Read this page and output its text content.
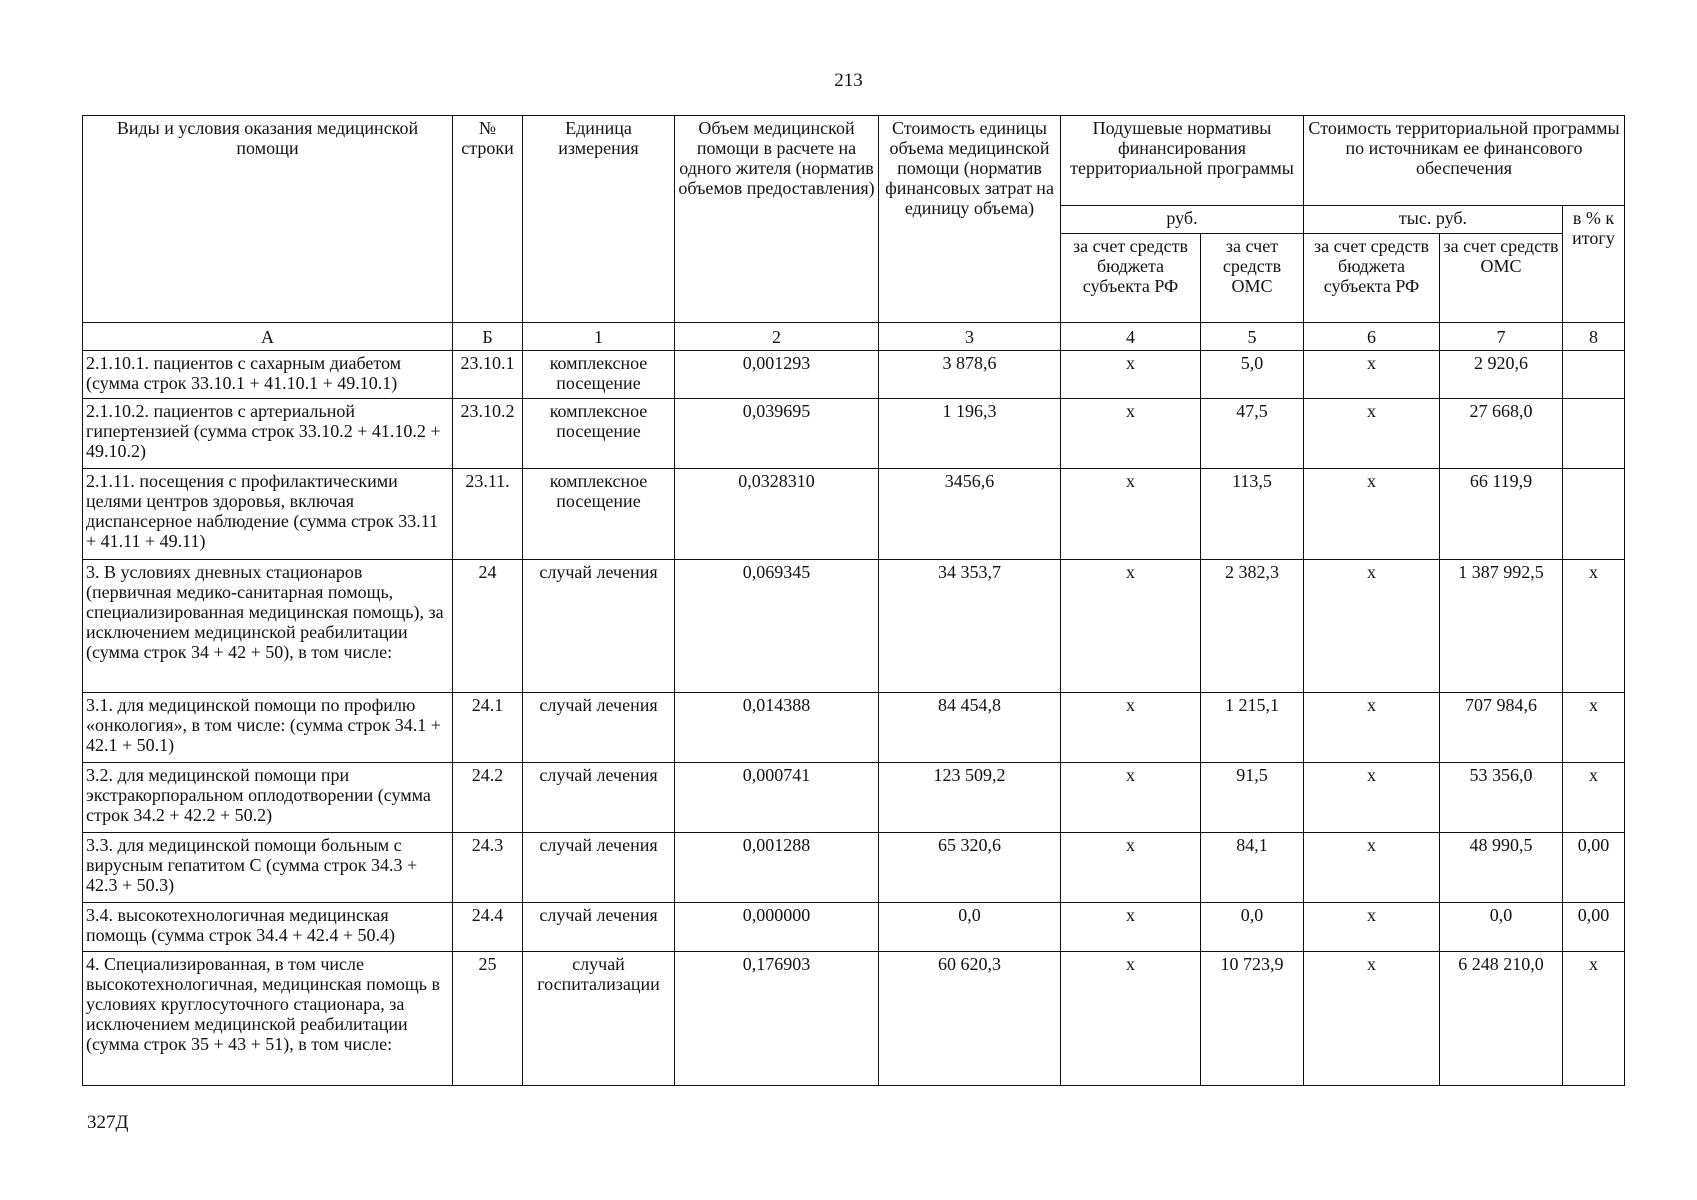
213
Виды и условия оказания медицинской помощи	№ строки	Единица измерения	Объем медицинской помощи в расчете на одного жителя (норматив объемов предоставления)	Стоимость единицы объема медицинской помощи (норматив финансовых затрат на единицу объема)	Подушевые нормативы финансирования территориальной программы		Стоимость территориальной программы по источникам ее финансового обеспечения		
					руб.		тыс. руб.		в % к итогу
					за счет средств бюджета субъекта РФ	за счет средств ОМС	за счет средств бюджета субъекта РФ	за счет средств ОМС	
А	Б	1	2	3	4	5	6	7	8
2.1.10.1. пациентов с сахарным диабетом (сумма строк 33.10.1 + 41.10.1 + 49.10.1)	23.10.1	комплексное посещение	0,001293	3 878,6	х	5,0	х	2 920,6	
2.1.10.2. пациентов с артериальной гипертензией (сумма строк 33.10.2 + 41.10.2 + 49.10.2)	23.10.2	комплексное посещение	0,039695	1 196,3	х	47,5	х	27 668,0	
2.1.11. посещения с профилактическими целями центров здоровья, включая диспансерное наблюдение (сумма строк 33.11 + 41.11 + 49.11)	23.11.	комплексное посещение	0,0328310	3456,6	х	113,5	х	66 119,9	
3. В условиях дневных стационаров (первичная медико-санитарная помощь, специализированная медицинская помощь), за исключением медицинской реабилитации (сумма строк 34 + 42 + 50), в том числе:	24	случай лечения	0,069345	34 353,7	х	2 382,3	х	1 387 992,5	х
3.1. для медицинской помощи по профилю «онкология», в том числе: (сумма строк 34.1 + 42.1 + 50.1)	24.1	случай лечения	0,014388	84 454,8	х	1 215,1	х	707 984,6	х
3.2. для медицинской помощи при экстракорпоральном оплодотворении (сумма строк 34.2 + 42.2 + 50.2)	24.2	случай лечения	0,000741	123 509,2	х	91,5	х	53 356,0	х
3.3. для медицинской помощи больным с вирусным гепатитом С (сумма строк 34.3 + 42.3 + 50.3)	24.3	случай лечения	0,001288	65 320,6	х	84,1	х	48 990,5	0,00
3.4. высокотехнологичная медицинская помощь (сумма строк 34.4 + 42.4 + 50.4)	24.4	случай лечения	0,000000	0,0	х	0,0	х	0,0	0,00
4. Специализированная, в том числе высокотехнологичная, медицинская помощь в условиях круглосуточного стационара, за исключением медицинской реабилитации (сумма строк 35 + 43 + 51), в том числе:	25	случай госпитализации	0,176903	60 620,3	х	10 723,9	х	6 248 210,0	х
327Д
